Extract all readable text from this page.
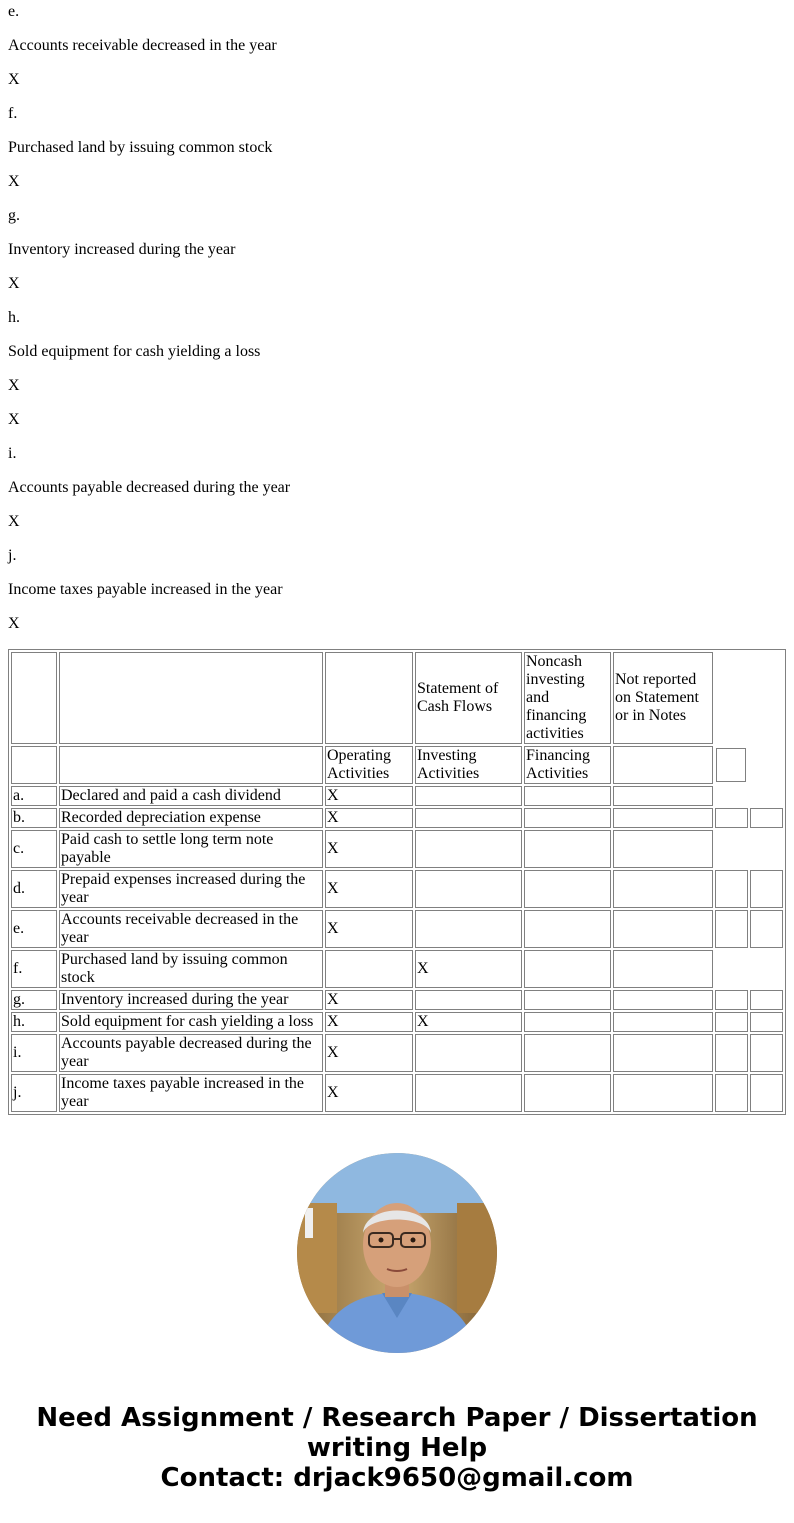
e.

Accounts receivable decreased in the year

X

f.

Purchased land by issuing common stock

X

g.

Inventory increased during the year

X

h.

Sold equipment for cash yielding a loss

X

X

i.

Accounts payable decreased during the year

X

j.

Income taxes payable increased in the year

X

			Statement of Cash Flows	Noncash investing and financing activities	Not reported on Statement or in Notes		
		Operating Activities	Investing Activities	Financing Activities			

a.	Declared and paid a cash dividend	X					
b.	Recorded depreciation expense	X					
c.	Paid cash to settle long term note payable	X					
d.	Prepaid expenses increased during the year	X					
e.	Accounts receivable decreased in the year	X					
f.	Purchased land by issuing common stock		X				
g.	Inventory increased during the year	X					
h.	Sold equipment for cash yielding a loss	X	X				
i.	Accounts payable decreased during the year	X					
j.	Income taxes payable increased in the year	X					
Need Assignment / Research Paper / Dissertation
writing Help
Contact: drjack9650@gmail.com
